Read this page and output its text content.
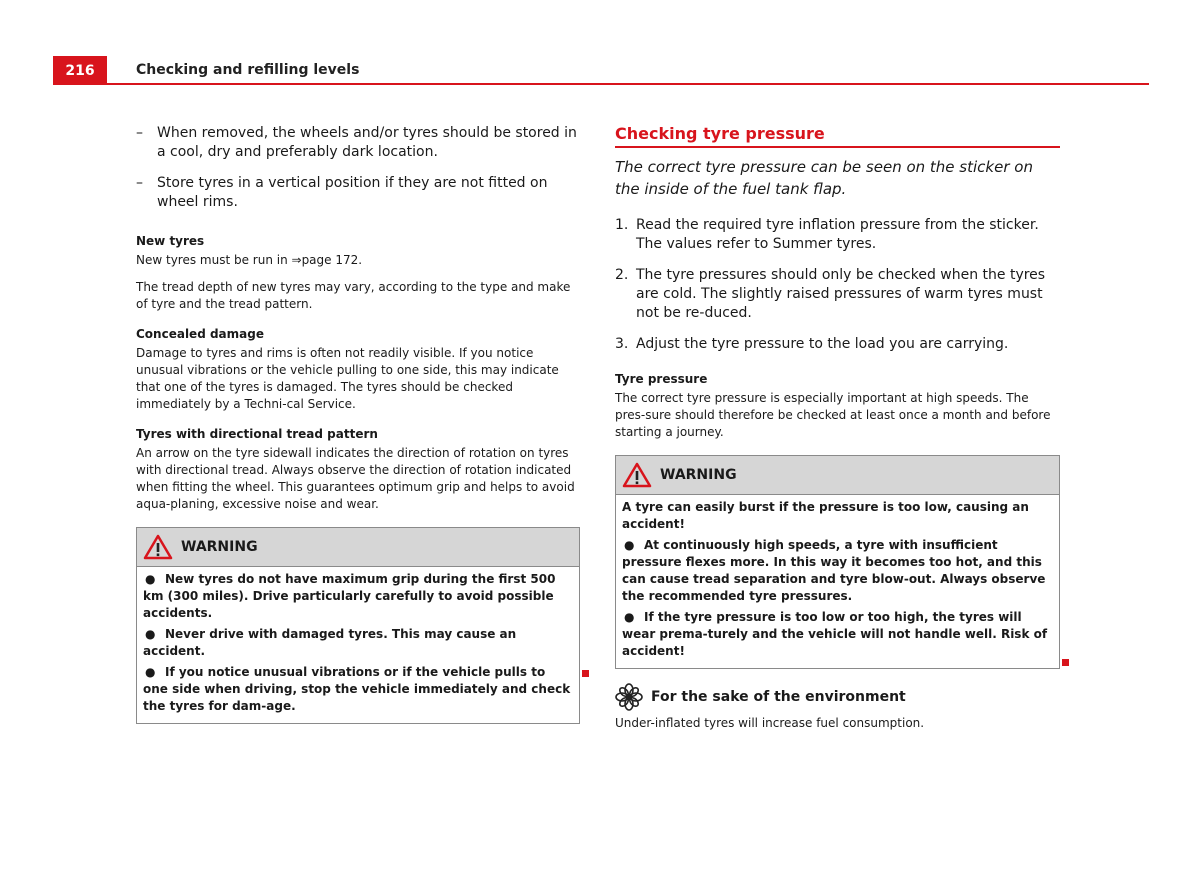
216	Checking and refilling levels
– When removed, the wheels and/or tyres should be stored in a cool, dry and preferably dark location.
– Store tyres in a vertical position if they are not fitted on wheel rims.
New tyres

New tyres must be run in ⇒page 172.

The tread depth of new tyres may vary, according to the type and make of tyre and the tread pattern.

Concealed damage

Damage to tyres and rims is often not readily visible. If you notice unusual vibrations or the vehicle pulling to one side, this may indicate that one of the tyres is damaged. The tyres should be checked immediately by a Techni-cal Service.

Tyres with directional tread pattern

An arrow on the tyre sidewall indicates the direction of rotation on tyres with directional tread. Always observe the direction of rotation indicated when fitting the wheel. This guarantees optimum grip and helps to avoid aqua-planing, excessive noise and wear.

WARNING

● New tyres do not have maximum grip during the first 500 km (300 miles). Drive particularly carefully to avoid possible accidents.

● Never drive with damaged tyres. This may cause an accident.

● If you notice unusual vibrations or if the vehicle pulls to one side when driving, stop the vehicle immediately and check the tyres for dam-age.

Checking tyre pressure
The correct tyre pressure can be seen on the sticker on the inside of the fuel tank flap.
1. Read the required tyre inflation pressure from the sticker. The values refer to Summer tyres.
2. The tyre pressures should only be checked when the tyres are cold. The slightly raised pressures of warm tyres must not be re-duced.
3. Adjust the tyre pressure to the load you are carrying.
Tyre pressure

The correct tyre pressure is especially important at high speeds. The pres-sure should therefore be checked at least once a month and before starting a journey.

WARNING

A tyre can easily burst if the pressure is too low, causing an accident!

● At continuously high speeds, a tyre with insufficient pressure flexes more. In this way it becomes too hot, and this can cause tread separation and tyre blow-out. Always observe the recommended tyre pressures.

● If the tyre pressure is too low or too high, the tyres will wear prema-turely and the vehicle will not handle well. Risk of accident!

For the sake of the environment

Under-inflated tyres will increase fuel consumption.
